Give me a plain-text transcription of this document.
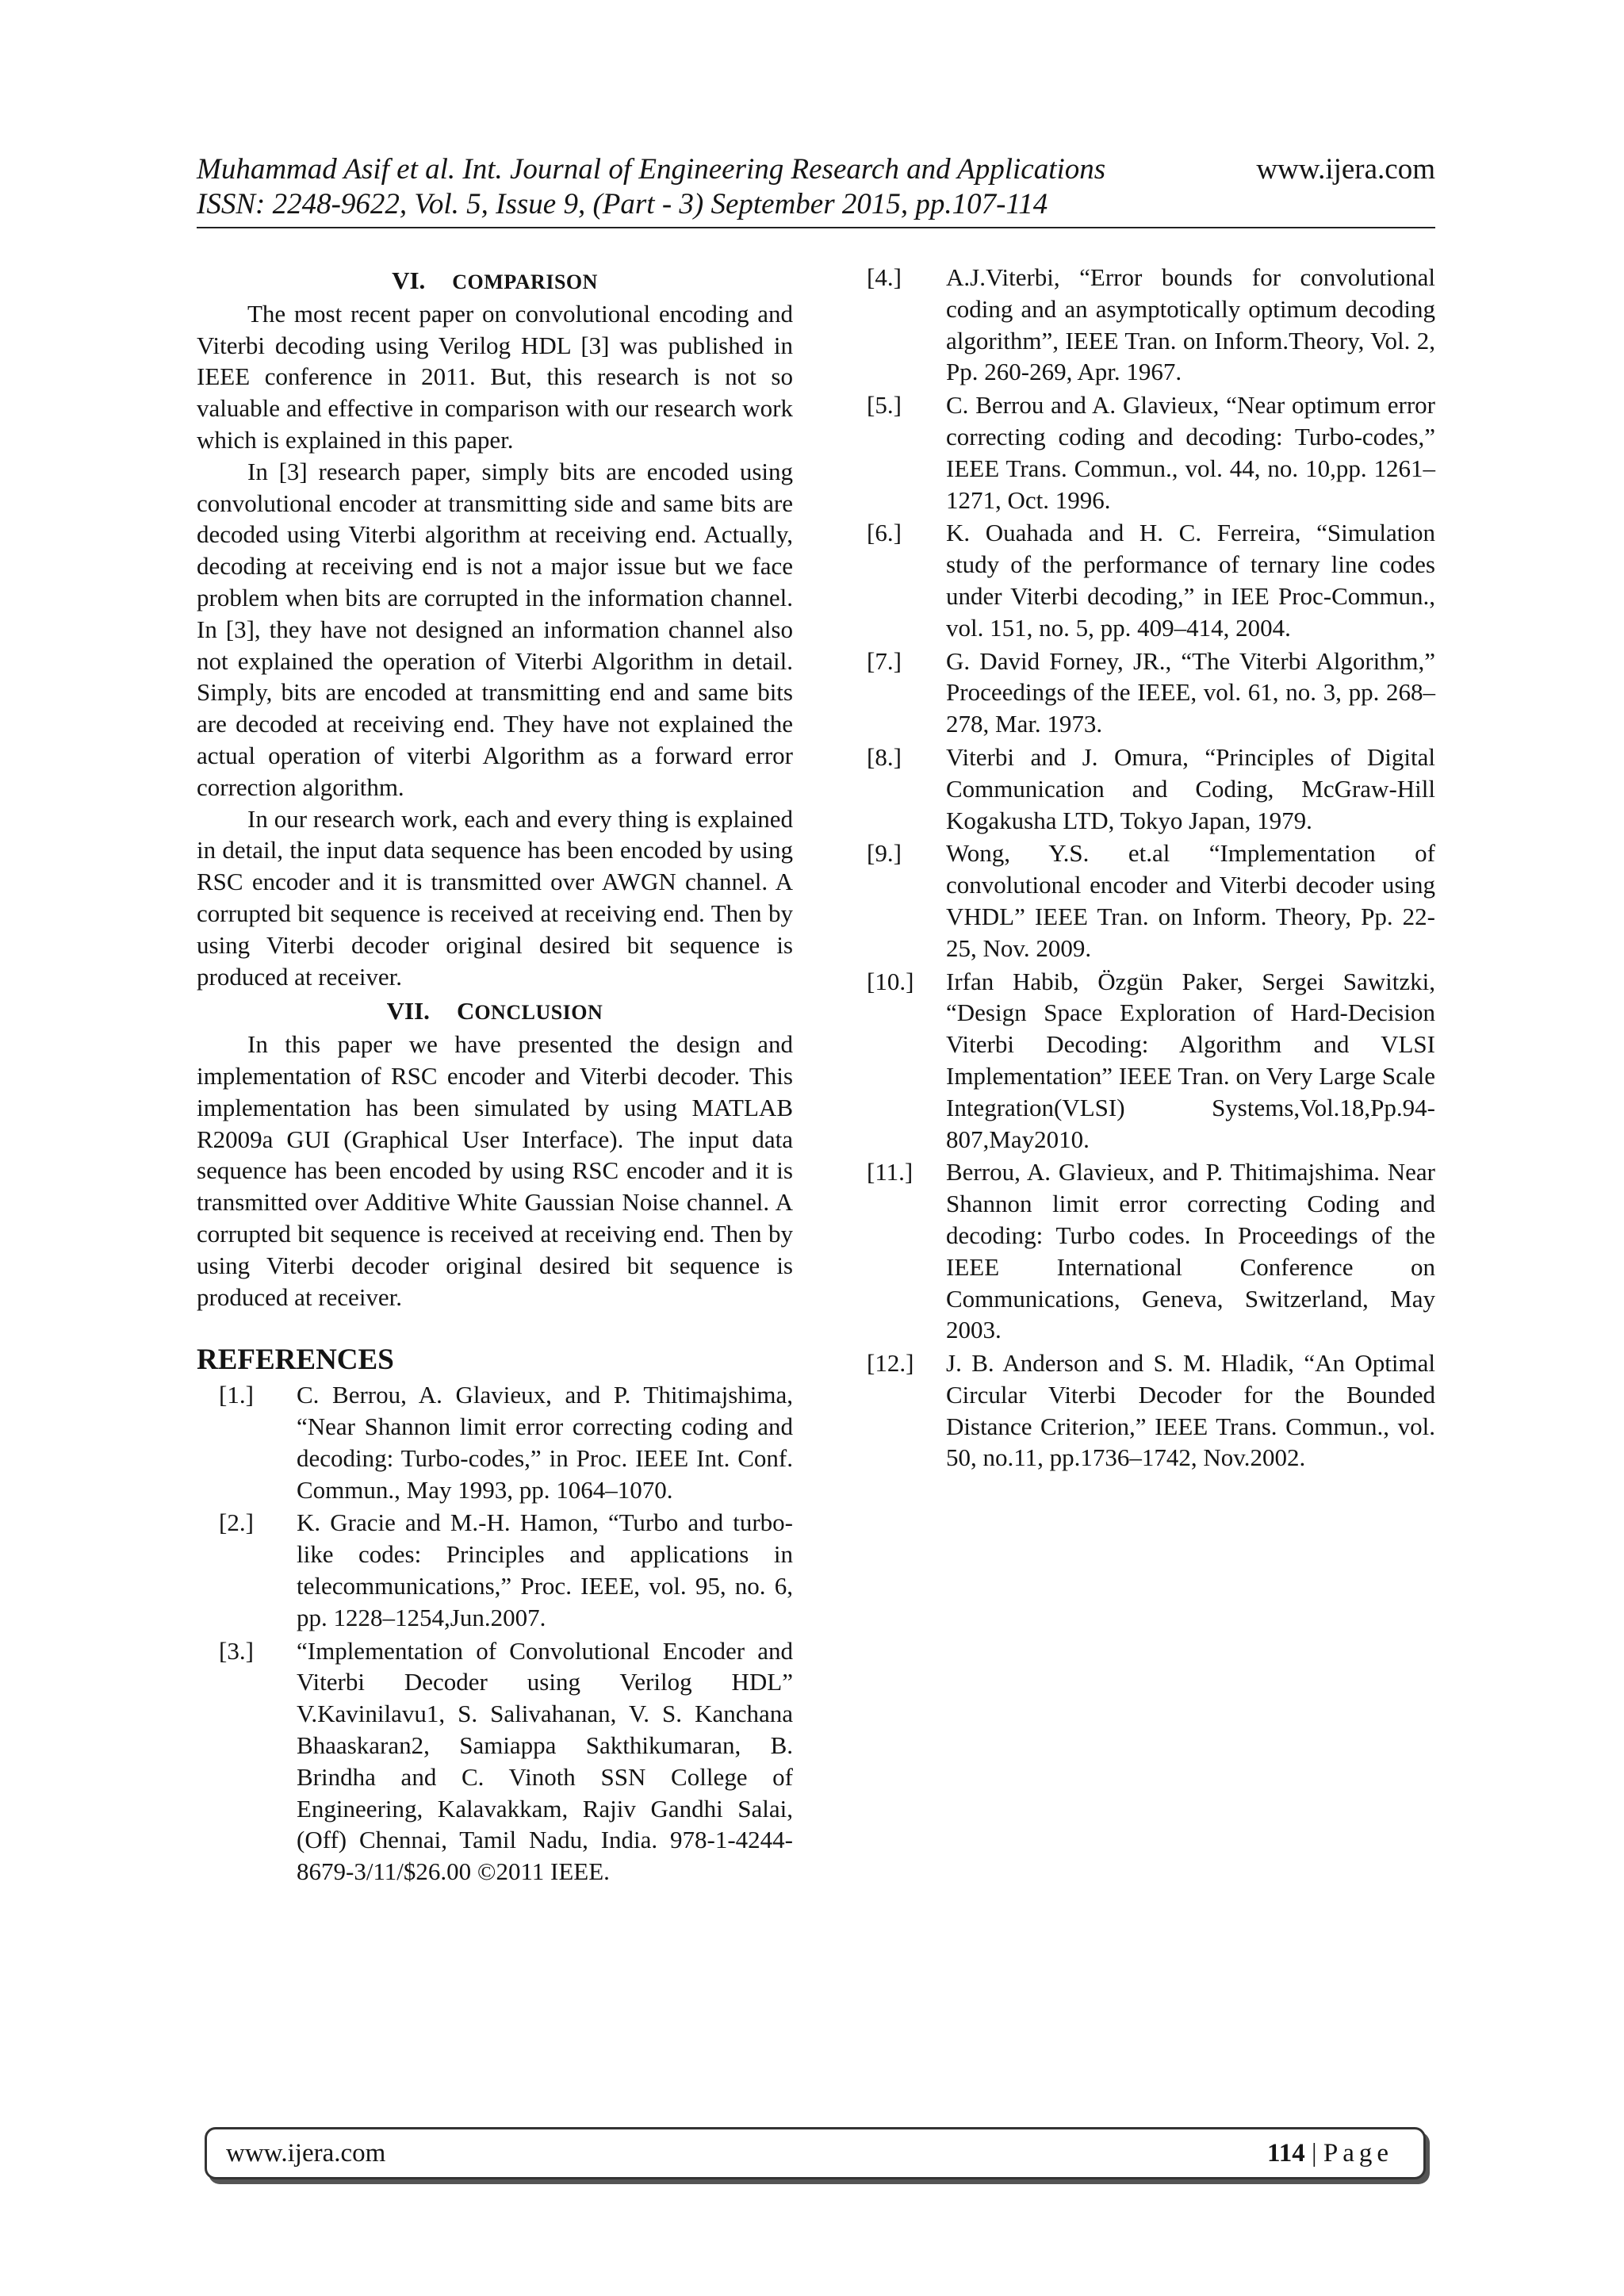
Muhammad Asif et al. Int. Journal of Engineering Research and Applications	www.ijera.com
ISSN: 2248-9622, Vol. 5, Issue 9, (Part - 3) September 2015, pp.107-114
VI. COMPARISON

The most recent paper on convolutional encoding and Viterbi decoding using Verilog HDL [3] was published in IEEE conference in 2011. But, this research is not so valuable and effective in comparison with our research work which is explained in this paper.

In [3] research paper, simply bits are encoded using convolutional encoder at transmitting side and same bits are decoded using Viterbi algorithm at receiving end. Actually, decoding at receiving end is not a major issue but we face problem when bits are corrupted in the information channel. In [3], they have not designed an information channel also not explained the operation of Viterbi Algorithm in detail. Simply, bits are encoded at transmitting end and same bits are decoded at receiving end. They have not explained the actual operation of viterbi Algorithm as a forward error correction algorithm.

In our research work, each and every thing is explained in detail, the input data sequence has been encoded by using RSC encoder and it is transmitted over AWGN channel. A corrupted bit sequence is received at receiving end. Then by using Viterbi decoder original desired bit sequence is produced at receiver.

VII. CONCLUSION

In this paper we have presented the design and implementation of RSC encoder and Viterbi decoder. This implementation has been simulated by using MATLAB R2009a GUI (Graphical User Interface). The input data sequence has been encoded by using RSC encoder and it is transmitted over Additive White Gaussian Noise channel. A corrupted bit sequence is received at receiving end. Then by using Viterbi decoder original desired bit sequence is produced at receiver.

REFERENCES
[1.] C. Berrou, A. Glavieux, and P. Thitimajshima, “Near Shannon limit error correcting coding and decoding: Turbo-codes,” in Proc. IEEE Int. Conf. Commun., May 1993, pp. 1064–1070.
[2.] K. Gracie and M.-H. Hamon, “Turbo and turbo-like codes: Principles and applications in telecommunications,” Proc. IEEE, vol. 95, no. 6, pp. 1228–1254,Jun.2007.
[3.] “Implementation of Convolutional Encoder and Viterbi Decoder using Verilog HDL” V.Kavinilavu1, S. Salivahanan, V. S. Kanchana Bhaaskaran2, Samiappa Sakthikumaran, B. Brindha and C. Vinoth SSN College of Engineering, Kalavakkam, Rajiv Gandhi Salai, (Off) Chennai, Tamil Nadu, India. 978-1-4244-8679-3/11/$26.00 ©2011 IEEE.
[4.] A.J.Viterbi, “Error bounds for convolutional coding and an asymptotically optimum decoding algorithm”, IEEE Tran. on Inform.Theory, Vol. 2, Pp. 260-269, Apr. 1967.
[5.] C. Berrou and A. Glavieux, “Near optimum error correcting coding and decoding: Turbo-codes,” IEEE Trans. Commun., vol. 44, no. 10,pp. 1261–1271, Oct. 1996.
[6.] K. Ouahada and H. C. Ferreira, “Simulation study of the performance of ternary line codes under Viterbi decoding,” in IEE Proc-Commun., vol. 151, no. 5, pp. 409–414, 2004.
[7.] G. David Forney, JR., “The Viterbi Algorithm,” Proceedings of the IEEE, vol. 61, no. 3, pp. 268–278, Mar. 1973.
[8.] Viterbi and J. Omura, “Principles of Digital Communication and Coding, McGraw-Hill Kogakusha LTD, Tokyo Japan, 1979.
[9.] Wong, Y.S. et.al “Implementation of convolutional encoder and Viterbi decoder using VHDL” IEEE Tran. on Inform. Theory, Pp. 22-25, Nov. 2009.
[10.] Irfan Habib, Özgün Paker, Sergei Sawitzki, “Design Space Exploration of Hard-Decision Viterbi Decoding: Algorithm and VLSI Implementation” IEEE Tran. on Very Large Scale Integration(VLSI) Systems,Vol.18,Pp.94-807,May2010.
[11.] Berrou, A. Glavieux, and P. Thitimajshima. Near Shannon limit error correcting Coding and decoding: Turbo codes. In Proceedings of the IEEE International Conference on Communications, Geneva, Switzerland, May 2003.
[12.] J. B. Anderson and S. M. Hladik, “An Optimal Circular Viterbi Decoder for the Bounded Distance Criterion,” IEEE Trans. Commun., vol. 50, no.11, pp.1736–1742, Nov.2002.
www.ijera.com	114 | Page
